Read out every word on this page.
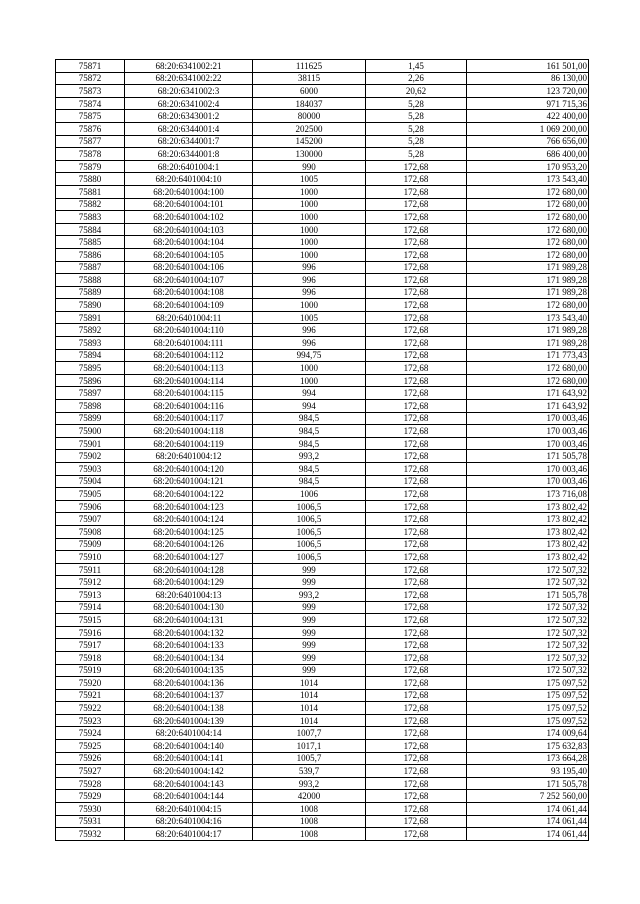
75871	68:20:6341002:21	111625	1,45	161 501,00
75872	68:20:6341002:22	38115	2,26	86 130,00
75873	68:20:6341002:3	6000	20,62	123 720,00
75874	68:20:6341002:4	184037	5,28	971 715,36
75875	68:20:6343001:2	80000	5,28	422 400,00
75876	68:20:6344001:4	202500	5,28	1 069 200,00
75877	68:20:6344001:7	145200	5,28	766 656,00
75878	68:20:6344001:8	130000	5,28	686 400,00
75879	68:20:6401004:1	990	172,68	170 953,20
75880	68:20:6401004:10	1005	172,68	173 543,40
75881	68:20:6401004:100	1000	172,68	172 680,00
75882	68:20:6401004:101	1000	172,68	172 680,00
75883	68:20:6401004:102	1000	172,68	172 680,00
75884	68:20:6401004:103	1000	172,68	172 680,00
75885	68:20:6401004:104	1000	172,68	172 680,00
75886	68:20:6401004:105	1000	172,68	172 680,00
75887	68:20:6401004:106	996	172,68	171 989,28
75888	68:20:6401004:107	996	172,68	171 989,28
75889	68:20:6401004:108	996	172,68	171 989,28
75890	68:20:6401004:109	1000	172,68	172 680,00
75891	68:20:6401004:11	1005	172,68	173 543,40
75892	68:20:6401004:110	996	172,68	171 989,28
75893	68:20:6401004:111	996	172,68	171 989,28
75894	68:20:6401004:112	994,75	172,68	171 773,43
75895	68:20:6401004:113	1000	172,68	172 680,00
75896	68:20:6401004:114	1000	172,68	172 680,00
75897	68:20:6401004:115	994	172,68	171 643,92
75898	68:20:6401004:116	994	172,68	171 643,92
75899	68:20:6401004:117	984,5	172,68	170 003,46
75900	68:20:6401004:118	984,5	172,68	170 003,46
75901	68:20:6401004:119	984,5	172,68	170 003,46
75902	68:20:6401004:12	993,2	172,68	171 505,78
75903	68:20:6401004:120	984,5	172,68	170 003,46
75904	68:20:6401004:121	984,5	172,68	170 003,46
75905	68:20:6401004:122	1006	172,68	173 716,08
75906	68:20:6401004:123	1006,5	172,68	173 802,42
75907	68:20:6401004:124	1006,5	172,68	173 802,42
75908	68:20:6401004:125	1006,5	172,68	173 802,42
75909	68:20:6401004:126	1006,5	172,68	173 802,42
75910	68:20:6401004:127	1006,5	172,68	173 802,42
75911	68:20:6401004:128	999	172,68	172 507,32
75912	68:20:6401004:129	999	172,68	172 507,32
75913	68:20:6401004:13	993,2	172,68	171 505,78
75914	68:20:6401004:130	999	172,68	172 507,32
75915	68:20:6401004:131	999	172,68	172 507,32
75916	68:20:6401004:132	999	172,68	172 507,32
75917	68:20:6401004:133	999	172,68	172 507,32
75918	68:20:6401004:134	999	172,68	172 507,32
75919	68:20:6401004:135	999	172,68	172 507,32
75920	68:20:6401004:136	1014	172,68	175 097,52
75921	68:20:6401004:137	1014	172,68	175 097,52
75922	68:20:6401004:138	1014	172,68	175 097,52
75923	68:20:6401004:139	1014	172,68	175 097,52
75924	68:20:6401004:14	1007,7	172,68	174 009,64
75925	68:20:6401004:140	1017,1	172,68	175 632,83
75926	68:20:6401004:141	1005,7	172,68	173 664,28
75927	68:20:6401004:142	539,7	172,68	93 195,40
75928	68:20:6401004:143	993,2	172,68	171 505,78
75929	68:20:6401004:144	42000	172,68	7 252 560,00
75930	68:20:6401004:15	1008	172,68	174 061,44
75931	68:20:6401004:16	1008	172,68	174 061,44
75932	68:20:6401004:17	1008	172,68	174 061,44
